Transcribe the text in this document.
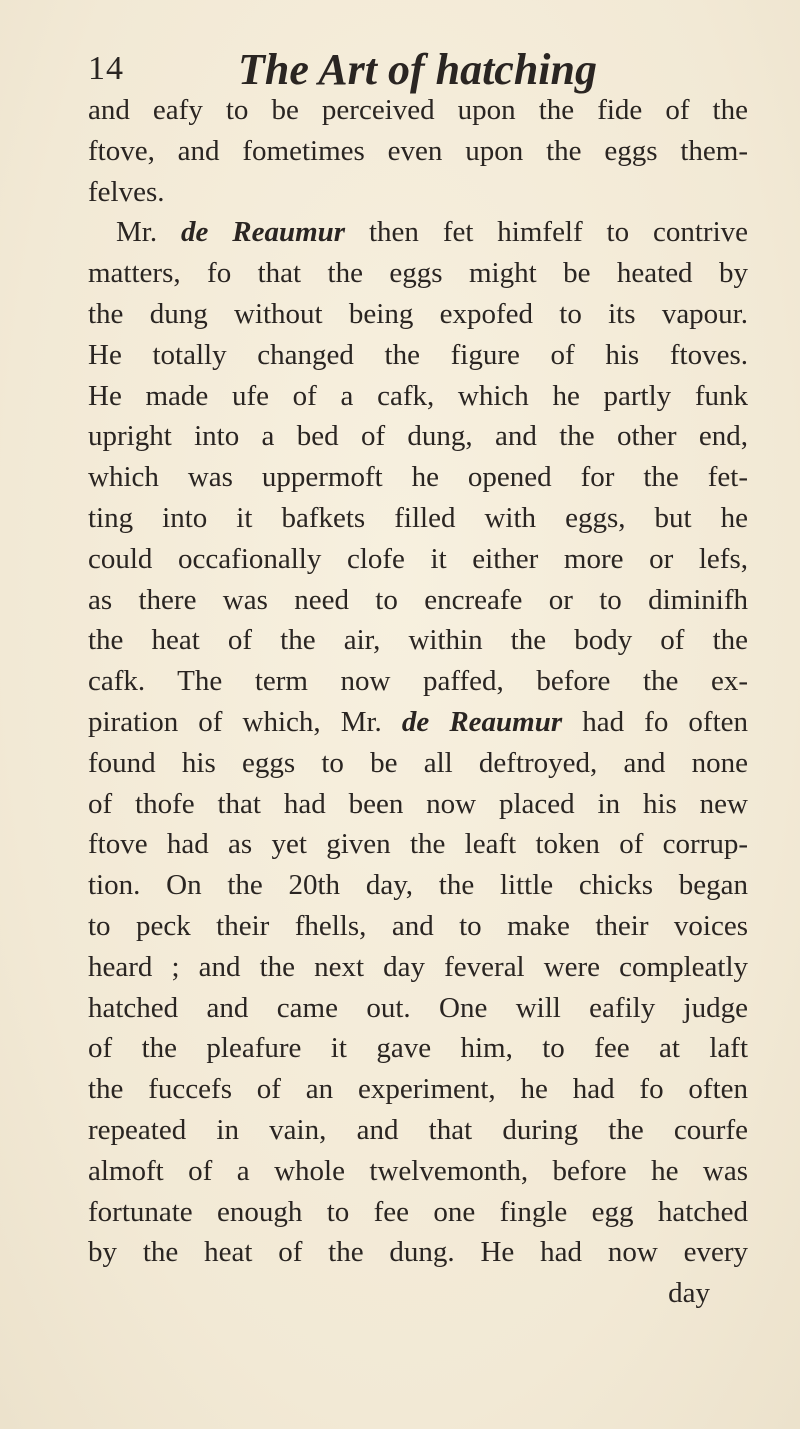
14	The Art of hatching
and eafy to be perceived upon the fide of the
ftove, and fometimes even upon the eggs them-
felves.
Mr. de Reaumur then fet himfelf to contrive
matters, fo that the eggs might be heated by
the dung without being expofed to its vapour.
He totally changed the figure of his ftoves.
He made ufe of a cafk, which he partly funk
upright into a bed of dung, and the other end,
which was uppermoft he opened for the fet-
ting into it bafkets filled with eggs, but he
could occafionally clofe it either more or lefs,
as there was need to encreafe or to diminifh
the heat of the air, within the body of the
cafk. The term now paffed, before the ex-
piration of which, Mr. de Reaumur had fo often
found his eggs to be all deftroyed, and none
of thofe that had been now placed in his new
ftove had as yet given the leaft token of corrup-
tion. On the 20th day, the little chicks began
to peck their fhells, and to make their voices
heard ; and the next day feveral were compleatly
hatched and came out. One will eafily judge
of the pleafure it gave him, to fee at laft
the fuccefs of an experiment, he had fo often
repeated in vain, and that during the courfe
almoft of a whole twelvemonth, before he was
fortunate enough to fee one fingle egg hatched
by the heat of the dung. He had now every
day
